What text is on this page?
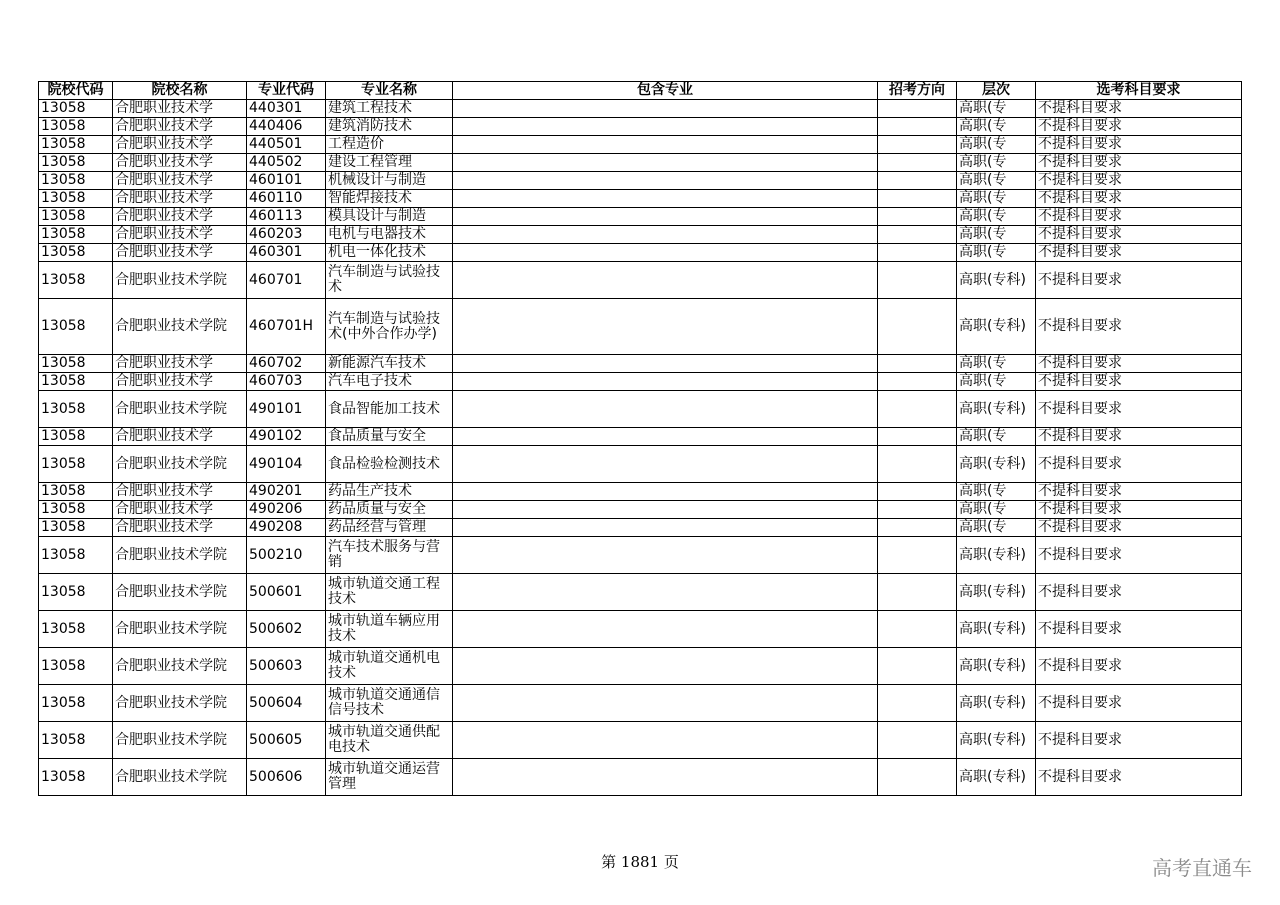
院校代码	院校名称	专业代码	专业名称	包含专业	招考方向	层次	选考科目要求
13058	合肥职业技术学	440301	建筑工程技术			高职(专	不提科目要求
13058	合肥职业技术学	440406	建筑消防技术			高职(专	不提科目要求
13058	合肥职业技术学	440501	工程造价			高职(专	不提科目要求
13058	合肥职业技术学	440502	建设工程管理			高职(专	不提科目要求
13058	合肥职业技术学	460101	机械设计与制造			高职(专	不提科目要求
13058	合肥职业技术学	460110	智能焊接技术			高职(专	不提科目要求
13058	合肥职业技术学	460113	模具设计与制造			高职(专	不提科目要求
13058	合肥职业技术学	460203	电机与电器技术			高职(专	不提科目要求
13058	合肥职业技术学	460301	机电一体化技术			高职(专	不提科目要求
13058	合肥职业技术学院	460701	汽车制造与试验技术			高职(专科)	不提科目要求
13058	合肥职业技术学院	460701H	汽车制造与试验技术(中外合作办学)			高职(专科)	不提科目要求
13058	合肥职业技术学	460702	新能源汽车技术			高职(专	不提科目要求
13058	合肥职业技术学	460703	汽车电子技术			高职(专	不提科目要求
13058	合肥职业技术学院	490101	食品智能加工技术			高职(专科)	不提科目要求
13058	合肥职业技术学	490102	食品质量与安全			高职(专	不提科目要求
13058	合肥职业技术学院	490104	食品检验检测技术			高职(专科)	不提科目要求
13058	合肥职业技术学	490201	药品生产技术			高职(专	不提科目要求
13058	合肥职业技术学	490206	药品质量与安全			高职(专	不提科目要求
13058	合肥职业技术学	490208	药品经营与管理			高职(专	不提科目要求
13058	合肥职业技术学院	500210	汽车技术服务与营销			高职(专科)	不提科目要求
13058	合肥职业技术学院	500601	城市轨道交通工程技术			高职(专科)	不提科目要求
13058	合肥职业技术学院	500602	城市轨道车辆应用技术			高职(专科)	不提科目要求
13058	合肥职业技术学院	500603	城市轨道交通机电技术			高职(专科)	不提科目要求
13058	合肥职业技术学院	500604	城市轨道交通通信信号技术			高职(专科)	不提科目要求
13058	合肥职业技术学院	500605	城市轨道交通供配电技术			高职(专科)	不提科目要求
13058	合肥职业技术学院	500606	城市轨道交通运营管理			高职(专科)	不提科目要求
第 1881 页	高考直通车
